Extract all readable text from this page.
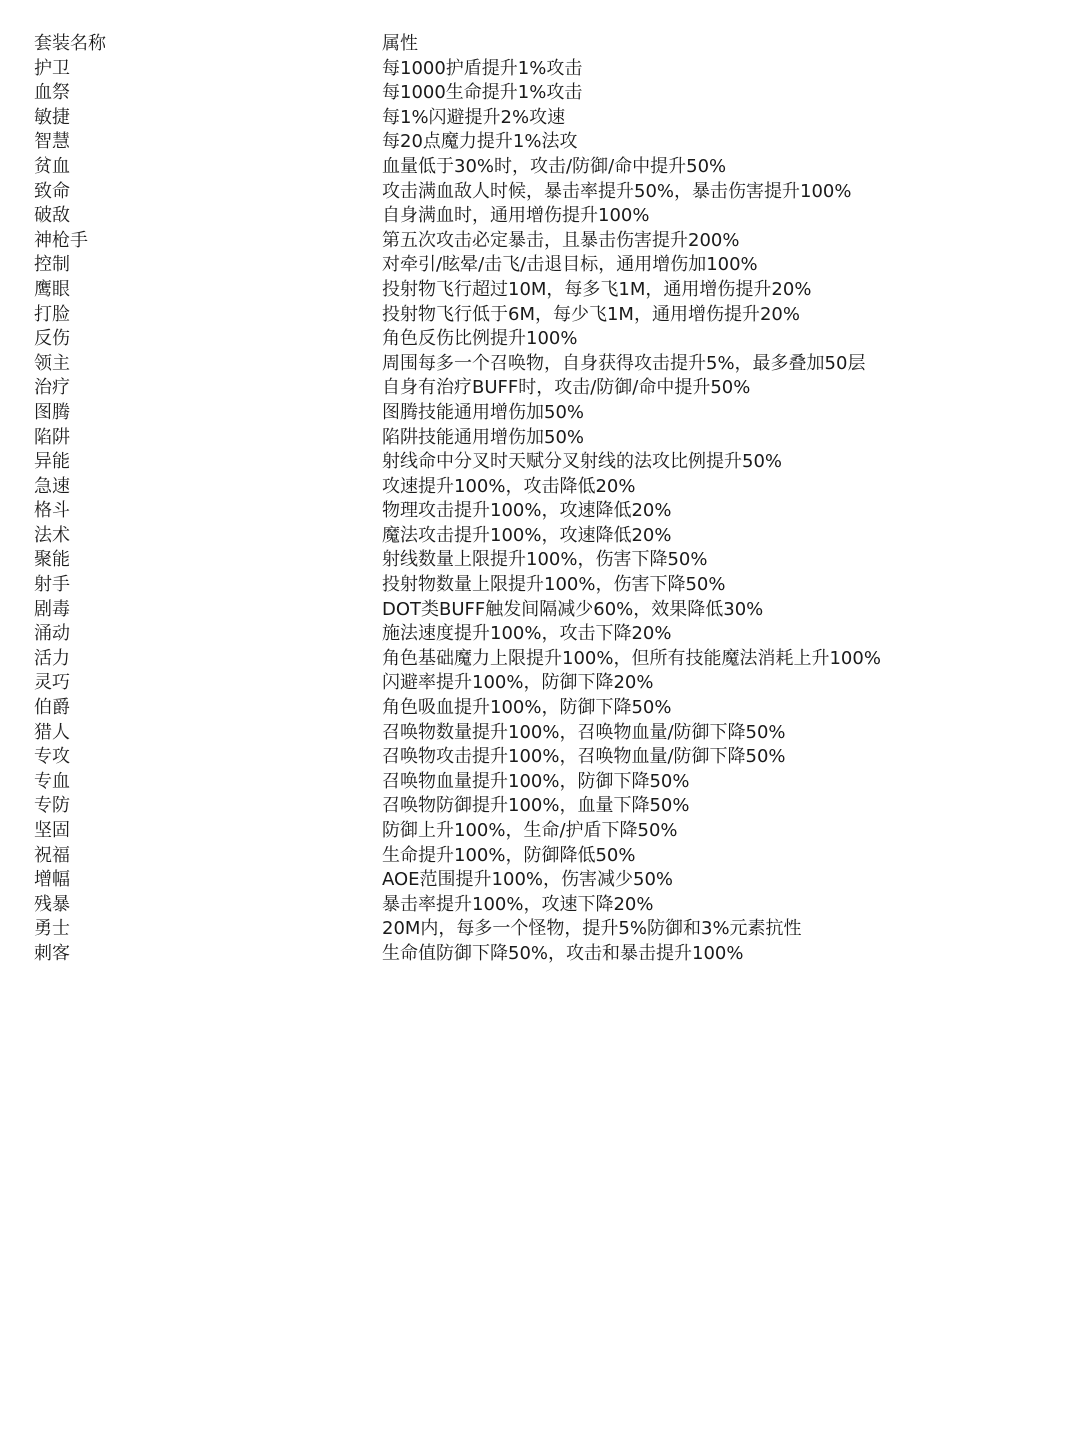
套装名称	属性
护卫	每1000护盾提升1%攻击
血祭	每1000生命提升1%攻击
敏捷	每1%闪避提升2%攻速
智慧	每20点魔力提升1%法攻
贫血	血量低于30%时，攻击/防御/命中提升50%
致命	攻击满血敌人时候，暴击率提升50%，暴击伤害提升100%
破敌	自身满血时，通用增伤提升100%
神枪手	第五次攻击必定暴击，且暴击伤害提升200%
控制	对牵引/眩晕/击飞/击退目标，通用增伤加100%
鹰眼	投射物飞行超过10M，每多飞1M，通用增伤提升20%
打脸	投射物飞行低于6M，每少飞1M，通用增伤提升20%
反伤	角色反伤比例提升100%
领主	周围每多一个召唤物，自身获得攻击提升5%，最多叠加50层
治疗	自身有治疗BUFF时，攻击/防御/命中提升50%
图腾	图腾技能通用增伤加50%
陷阱	陷阱技能通用增伤加50%
异能	射线命中分叉时天赋分叉射线的法攻比例提升50%
急速	攻速提升100%，攻击降低20%
格斗	物理攻击提升100%，攻速降低20%
法术	魔法攻击提升100%，攻速降低20%
聚能	射线数量上限提升100%，伤害下降50%
射手	投射物数量上限提升100%，伤害下降50%
剧毒	DOT类BUFF触发间隔减少60%，效果降低30%
涌动	施法速度提升100%，攻击下降20%
活力	角色基础魔力上限提升100%，但所有技能魔法消耗上升100%
灵巧	闪避率提升100%，防御下降20%
伯爵	角色吸血提升100%，防御下降50%
猎人	召唤物数量提升100%，召唤物血量/防御下降50%
专攻	召唤物攻击提升100%，召唤物血量/防御下降50%
专血	召唤物血量提升100%，防御下降50%
专防	召唤物防御提升100%，血量下降50%
坚固	防御上升100%，生命/护盾下降50%
祝福	生命提升100%，防御降低50%
增幅	AOE范围提升100%，伤害减少50%
残暴	暴击率提升100%，攻速下降20%
勇士	20M内，每多一个怪物，提升5%防御和3%元素抗性
刺客	生命值防御下降50%，攻击和暴击提升100%
